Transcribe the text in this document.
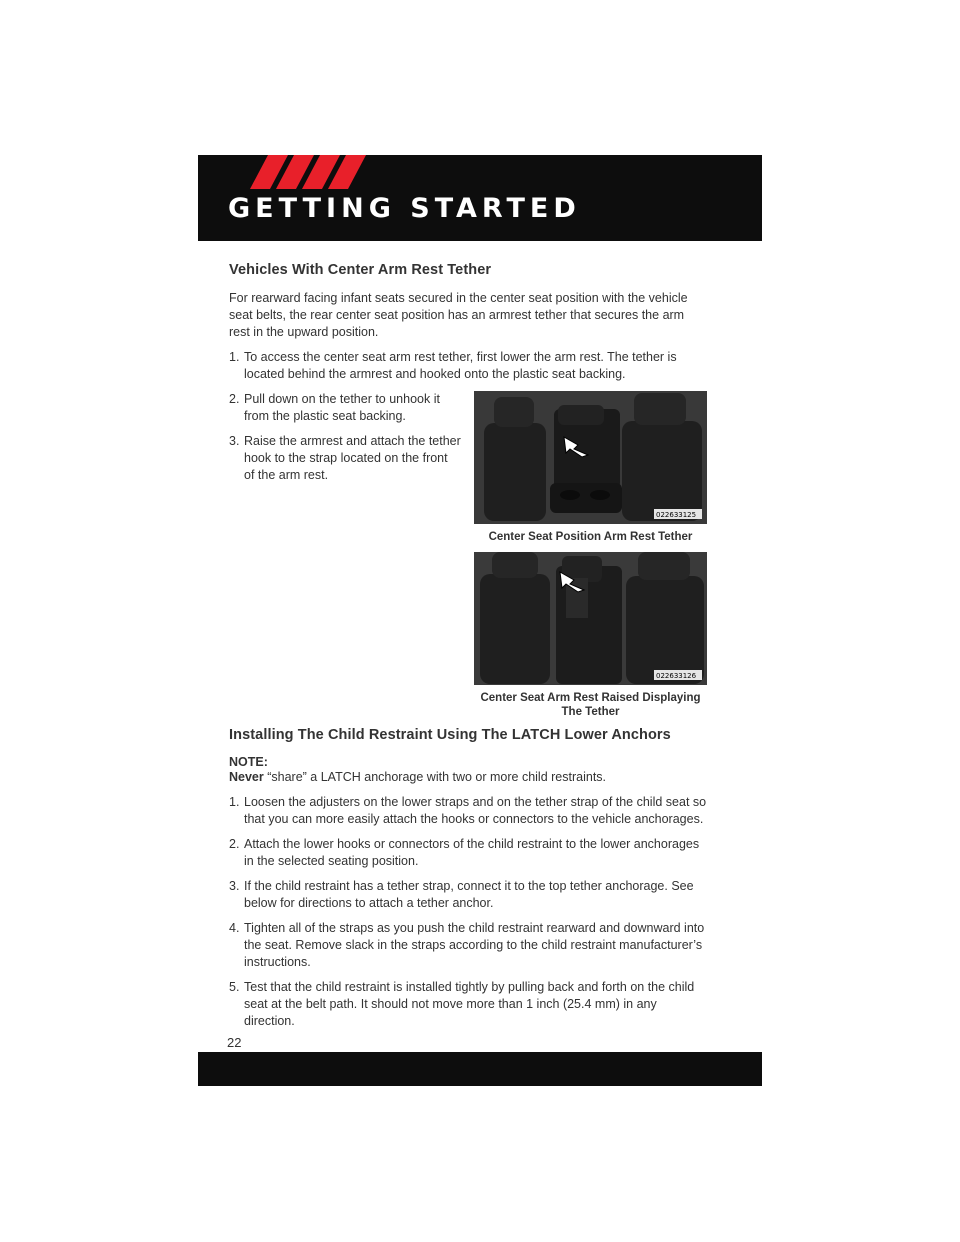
GETTING STARTED
Vehicles With Center Arm Rest Tether

For rearward facing infant seats secured in the center seat position with the vehicle seat belts, the rear center seat position has an armrest tether that secures the arm rest in the upward position.

1. To access the center seat arm rest tether, first lower the arm rest. The tether is located behind the armrest and hooked onto the plastic seat backing.
2. Pull down on the tether to unhook it from the plastic seat backing.
3. Raise the armrest and attach the tether hook to the strap located on the front of the arm rest.
022633125
Center Seat Position Arm Rest Tether
022633126
Center Seat Arm Rest Raised Displaying The Tether
Installing The Child Restraint Using The LATCH Lower Anchors
NOTE:

Never “share” a LATCH anchorage with two or more child restraints.

1. Loosen the adjusters on the lower straps and on the tether strap of the child seat so that you can more easily attach the hooks or connectors to the vehicle anchorages.
2. Attach the lower hooks or connectors of the child restraint to the lower anchorages in the selected seating position.
3. If the child restraint has a tether strap, connect it to the top tether anchorage. See below for directions to attach a tether anchor.
4. Tighten all of the straps as you push the child restraint rearward and downward into the seat. Remove slack in the straps according to the child restraint manufacturer’s instructions.
5. Test that the child restraint is installed tightly by pulling back and forth on the child seat at the belt path. It should not move more than 1 inch (25.4 mm) in any direction.
22
